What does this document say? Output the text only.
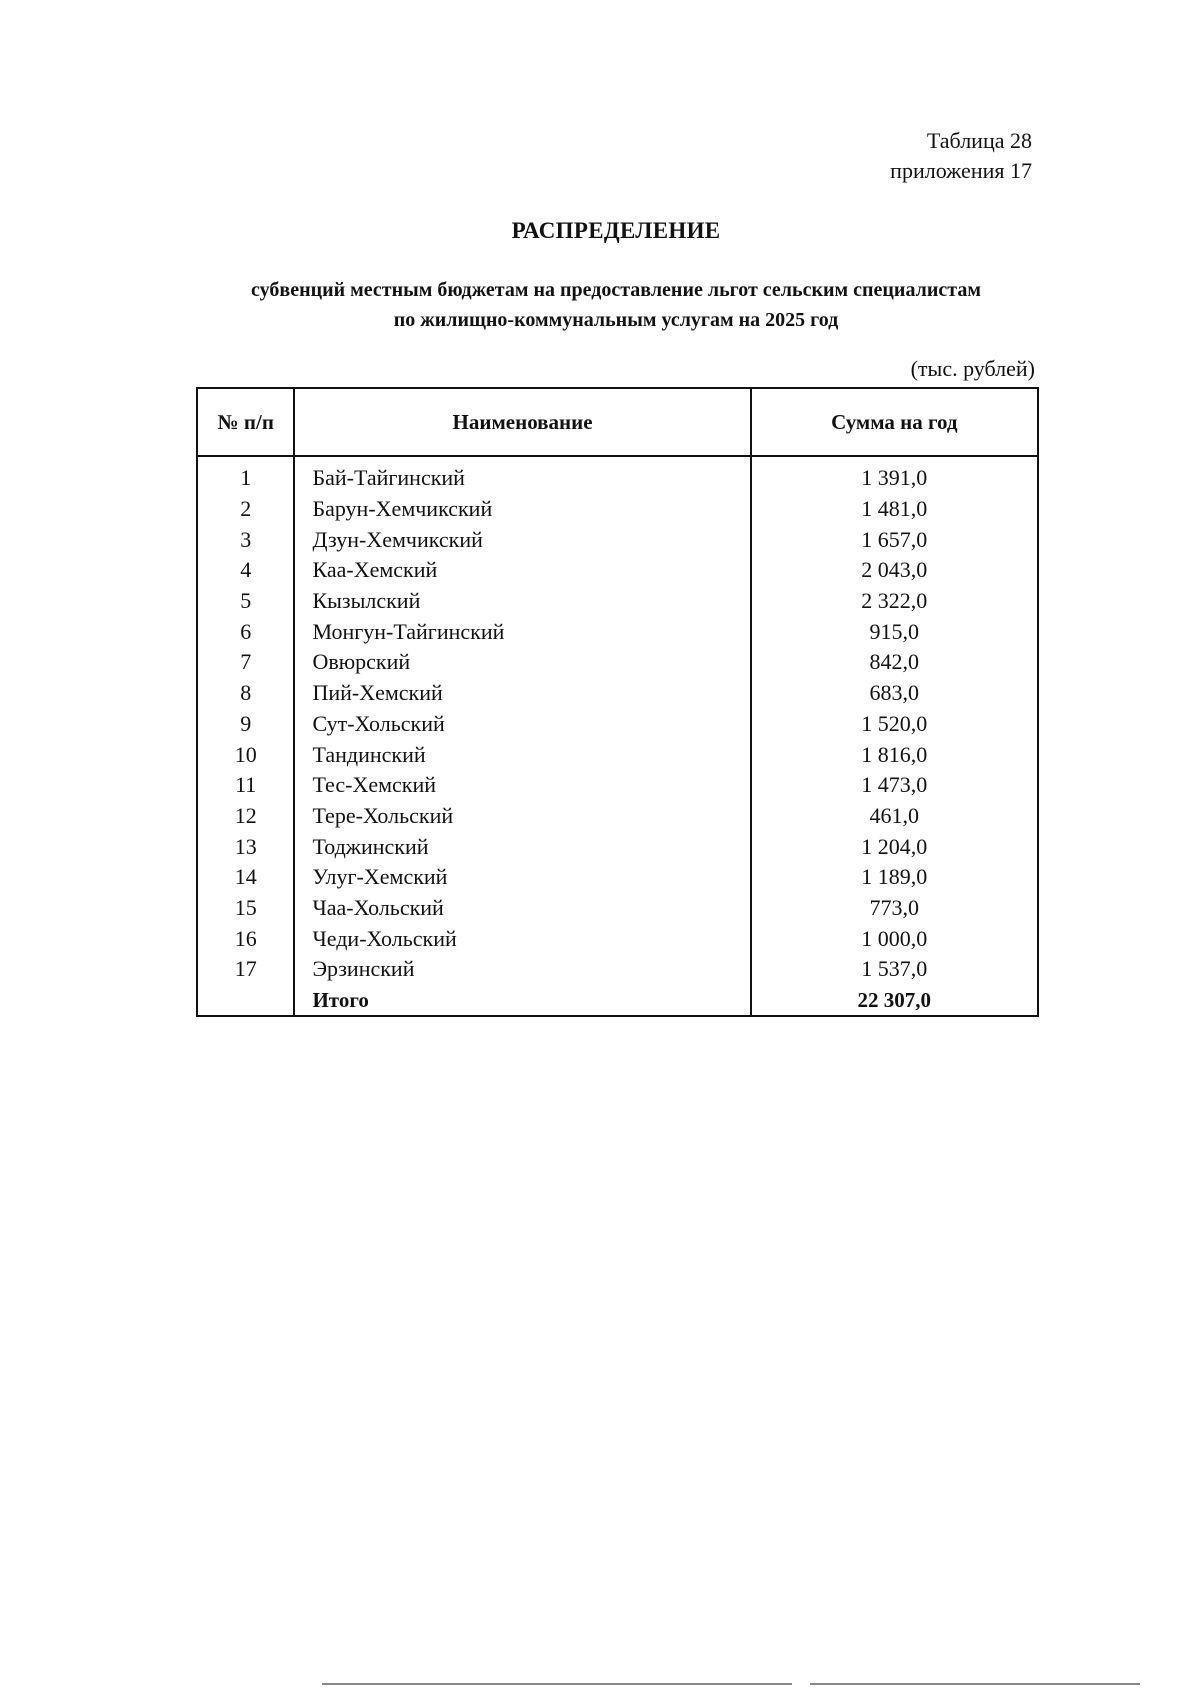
Таблица 28
приложения 17
РАСПРЕДЕЛЕНИЕ
субвенций местным бюджетам на предоставление льгот сельским специалистам
по жилищно-коммунальным услугам на 2025 год
(тыс. рублей)
№ п/п	Наименование	Сумма на год
1	Бай-Тайгинский	1 391,0
2	Барун-Хемчикский	1 481,0
3	Дзун-Хемчикский	1 657,0
4	Каа-Хемский	2 043,0
5	Кызылский	2 322,0
6	Монгун-Тайгинский	915,0
7	Овюрский	842,0
8	Пий-Хемский	683,0
9	Сут-Хольский	1 520,0
10	Тандинский	1 816,0
11	Тес-Хемский	1 473,0
12	Тере-Хольский	461,0
13	Тоджинский	1 204,0
14	Улуг-Хемский	1 189,0
15	Чаа-Хольский	773,0
16	Чеди-Хольский	1 000,0
17	Эрзинский	1 537,0
	Итого	22 307,0
